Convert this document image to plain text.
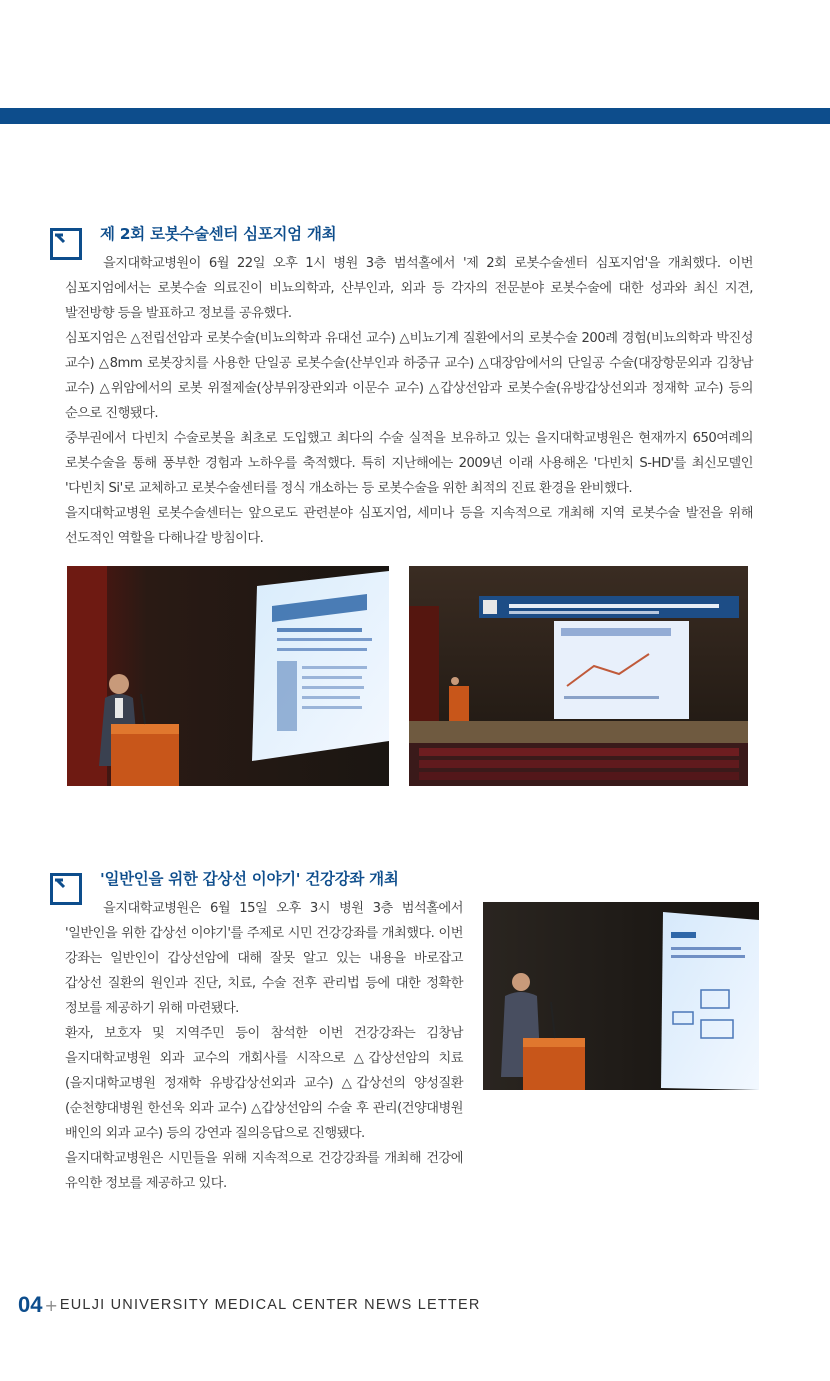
제 2회 로봇수술센터 심포지엄 개최

을지대학교병원이 6월 22일 오후 1시 병원 3층 범석홀에서 '제 2회 로봇수술센터 심포지엄'을 개최했다. 이번 심포지엄에서는 로봇수술 의료진이 비뇨의학과, 산부인과, 외과 등 각자의 전문분야 로봇수술에 대한 성과와 최신 지견, 발전방향 등을 발표하고 정보를 공유했다.

심포지엄은 △전립선암과 로봇수술(비뇨의학과 유대선 교수) △비뇨기계 질환에서의 로봇수술 200례 경험(비뇨의학과 박진성 교수) △8mm 로봇장치를 사용한 단일공 로봇수술(산부인과 하중규 교수) △대장암에서의 단일공 수술(대장항문외과 김창남 교수) △위암에서의 로봇 위절제술(상부위장관외과 이문수 교수) △갑상선암과 로봇수술(유방갑상선외과 정재학 교수) 등의 순으로 진행됐다.

중부권에서 다빈치 수술로봇을 최초로 도입했고 최다의 수술 실적을 보유하고 있는 을지대학교병원은 현재까지 650여례의 로봇수술을 통해 풍부한 경험과 노하우를 축적했다. 특히 지난해에는 2009년 이래 사용해온 '다빈치 S-HD'를 최신모델인 '다빈치 Si'로 교체하고 로봇수술센터를 정식 개소하는 등 로봇수술을 위한 최적의 진료 환경을 완비했다.

을지대학교병원 로봇수술센터는 앞으로도 관련분야 심포지엄, 세미나 등을 지속적으로 개최해 지역 로봇수술 발전을 위해 선도적인 역할을 다해나갈 방침이다.

'일반인을 위한 갑상선 이야기' 건강강좌 개최

을지대학교병원은 6월 15일 오후 3시 병원 3층 범석홀에서 '일반인을 위한 갑상선 이야기'를 주제로 시민 건강강좌를 개최했다. 이번 강좌는 일반인이 갑상선암에 대해 잘못 알고 있는 내용을 바로잡고 갑상선 질환의 원인과 진단, 치료, 수술 전후 관리법 등에 대한 정확한 정보를 제공하기 위해 마련됐다.

환자, 보호자 및 지역주민 등이 참석한 이번 건강강좌는 김창남 을지대학교병원 외과 교수의 개회사를 시작으로 △갑상선암의 치료(을지대학교병원 정재학 유방갑상선외과 교수) △갑상선의 양성질환(순천향대병원 한선욱 외과 교수) △갑상선암의 수술 후 관리(건양대병원 배인의 외과 교수) 등의 강연과 질의응답으로 진행됐다.

을지대학교병원은 시민들을 위해 지속적으로 건강강좌를 개최해 건강에 유익한 정보를 제공하고 있다.

04 + EULJI UNIVERSITY MEDICAL CENTER NEWS LETTER
